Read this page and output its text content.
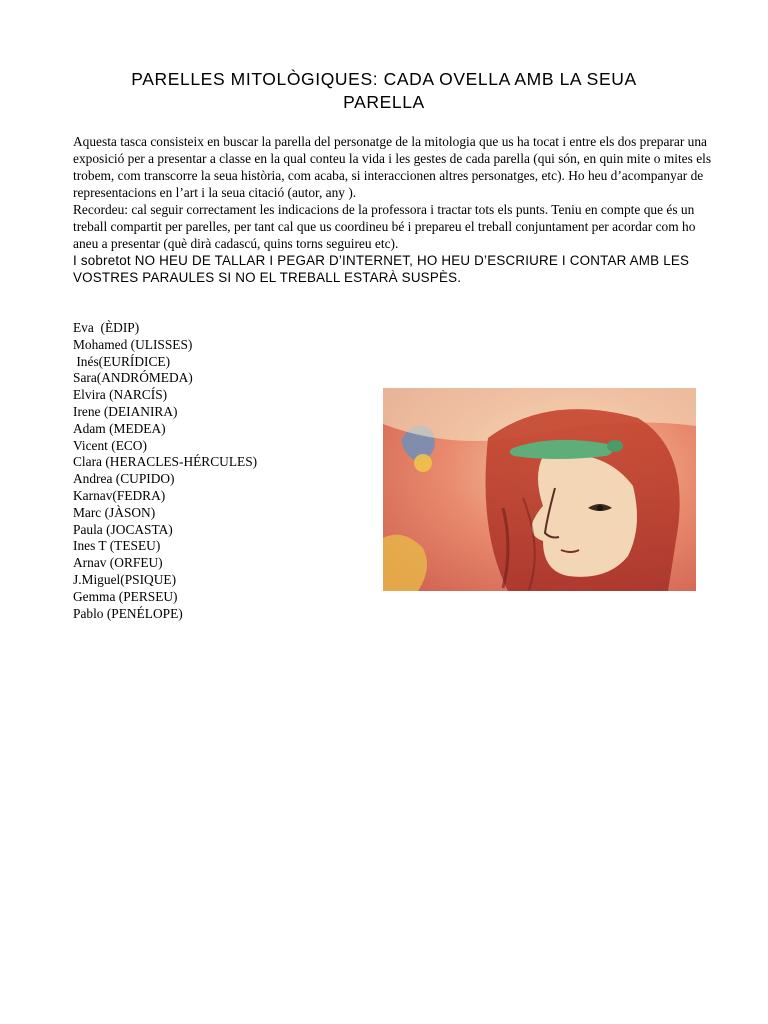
PARELLES MITOLÒGIQUES: CADA OVELLA AMB LA SEUA
PARELLA

Aquesta tasca consisteix en buscar la parella del personatge de la mitologia que us ha tocat i entre els dos preparar una exposició per a presentar a classe en la qual conteu la vida i les gestes de cada parella (qui són, en quin mite o mites els trobem, com transcorre la seua història, com acaba, si interaccionen altres personatges, etc). Ho heu d’acompanyar de representacions en l’art i la seua citació (autor, any ).

Recordeu: cal seguir correctament les indicacions de la professora i tractar tots els punts. Teniu en compte que és un treball compartit per parelles, per tant cal que us coordineu bé i prepareu el treball conjuntament per acordar com ho aneu a presentar (què dirà cadascú, quins torns seguireu etc).

I sobretot NO HEU DE TALLAR I PEGAR D’INTERNET, HO HEU D’ESCRIURE I CONTAR AMB LES VOSTRES PARAULES SI NO EL TREBALL ESTARÀ SUSPÈS.

Eva  (ÈDIP)
Mohamed (ULISSES)
Inés(EURÍDICE)
Sara(ANDRÓMEDA)
Elvira (NARCÍS)
Irene (DEIANIRA)
Adam (MEDEA)
Vicent (ECO)
Clara (HERACLES-HÉRCULES)
Andrea (CUPIDO)
Karnav(FEDRA)
Marc (JÀSON)
Paula (JOCASTA)
Ines T (TESEU)
Arnav (ORFEU)
J.Miguel(PSIQUE)
Gemma (PERSEU)
Pablo (PENÉLOPE)
